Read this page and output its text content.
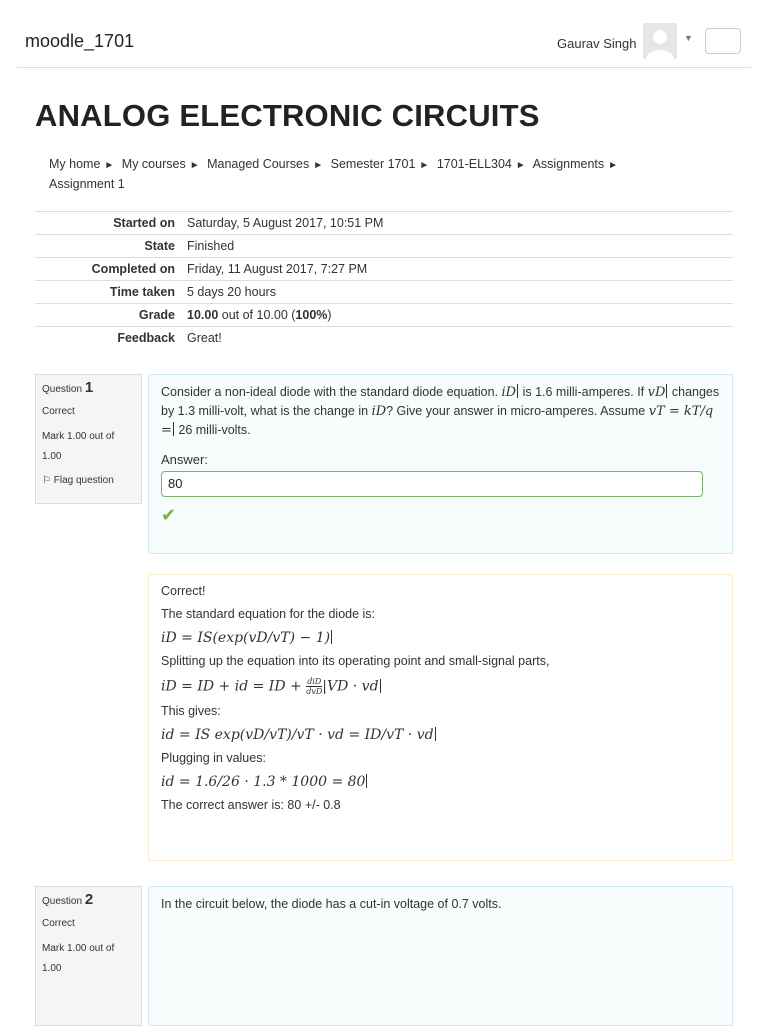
moodle_1701	Gaurav Singh	▼
ANALOG ELECTRONIC CIRCUITS
My home ► My courses ► Managed Courses ► Semester 1701 ► 1701-ELL304 ► Assignments ►
Assignment 1
Started on	Saturday, 5 August 2017, 10:51 PM
State	Finished
Completed on	Friday, 11 August 2017, 7:27 PM
Time taken	5 days 20 hours
Grade	10.00 out of 10.00 (100%)
Feedback	Great!
Question 1
Correct
Mark 1.00 out of 1.00
⚐ Flag question
Consider a non-ideal diode with the standard diode equation. iD is 1.6 milli-amperes. If vD changes by 1.3 milli-volt, what is the change in iD? Give your answer in micro-amperes. Assume vT = kT/q = 26 milli-volts.
Answer:
80
✔
Correct!
The standard equation for the diode is:
iD = IS(exp(vD/vT) − 1)
Splitting up the equation into its operating point and small-signal parts,
iD = ID + id = ID + $\frac{\text{diD}}{\text{dvD}} |VD$ · vd
This gives:
id = IS exp(vD/vT)/vT · vd = ID/vT · vd
Plugging in values:
id = 1.6/26 · 1.3 * 1000 = 80
The correct answer is: 80 +/- 0.8
Question 2
Correct
Mark 1.00 out of 1.00
In the circuit below, the diode has a cut-in voltage of 0.7 volts.
